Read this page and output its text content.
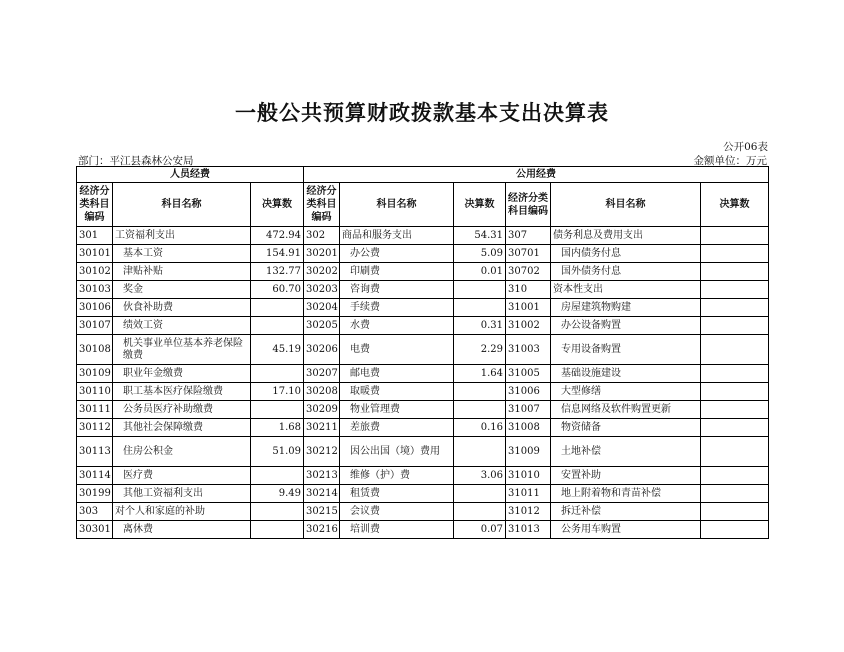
一般公共预算财政拨款基本支出决算表
公开06表
部门：平江县森林公安局	金额单位：万元
人员经费			公用经费					
经济分类科目编码	科目名称	决算数	经济分类科目编码	科目名称	决算数	经济分类科目编码	科目名称	决算数
301	工资福利支出	472.94	302	商品和服务支出	54.31	307	债务利息及费用支出	
30101	基本工资	154.91	30201	办公费	5.09	30701	国内债务付息	
30102	津贴补贴	132.77	30202	印刷费	0.01	30702	国外债务付息	
30103	奖金	60.70	30203	咨询费		310	资本性支出	
30106	伙食补助费		30204	手续费		31001	房屋建筑物购建	
30107	绩效工资		30205	水费	0.31	31002	办公设备购置	
30108	机关事业单位基本养老保险缴费	45.19	30206	电费	2.29	31003	专用设备购置	
30109	职业年金缴费		30207	邮电费	1.64	31005	基础设施建设	
30110	职工基本医疗保险缴费	17.10	30208	取暖费		31006	大型修缮	
30111	公务员医疗补助缴费		30209	物业管理费		31007	信息网络及软件购置更新	
30112	其他社会保障缴费	1.68	30211	差旅费	0.16	31008	物资储备	
30113	住房公积金	51.09	30212	因公出国（境）费用		31009	土地补偿	
30114	医疗费		30213	维修（护）费	3.06	31010	安置补助	
30199	其他工资福利支出	9.49	30214	租赁费		31011	地上附着物和青苗补偿	
303	对个人和家庭的补助		30215	会议费		31012	拆迁补偿	
30301	离休费		30216	培训费	0.07	31013	公务用车购置	
